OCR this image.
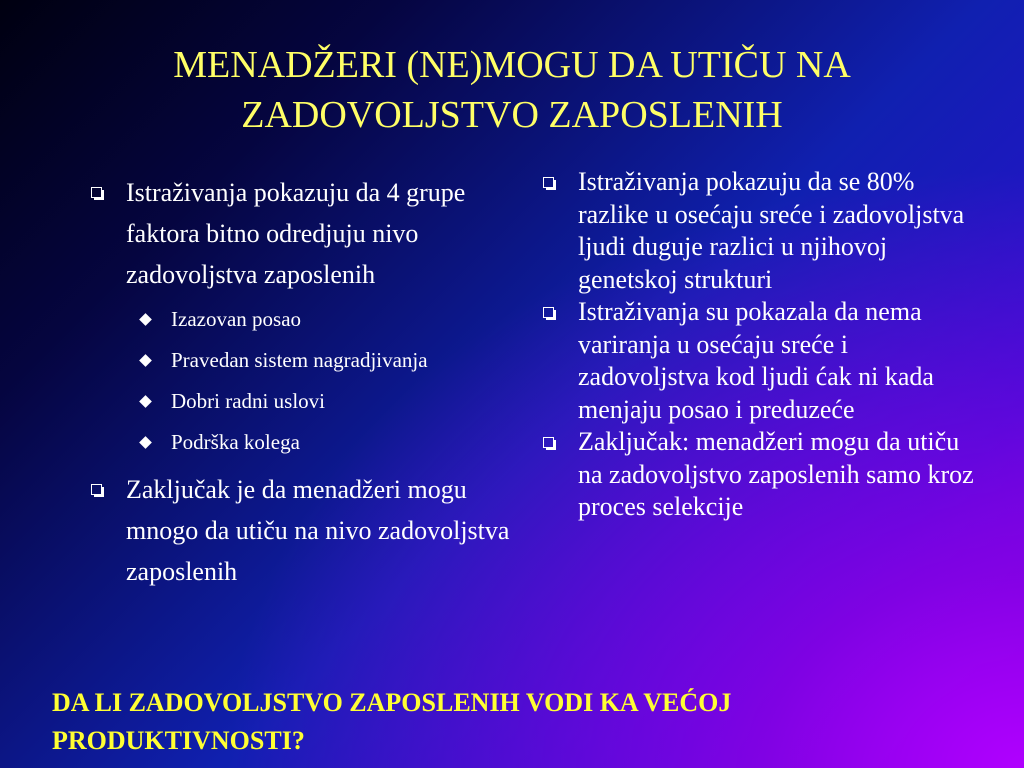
MENADŽERI (NE)MOGU DA UTIČU NA
ZADOVOLJSTVO ZAPOSLENIH
Istraživanja pokazuju da 4 grupe faktora bitno odredjuju nivo zadovoljstva zaposlenih
Izazovan posao
Pravedan sistem nagradjivanja
Dobri radni uslovi
Podrška kolega
Zaključak je da menadžeri mogu mnogo da utiču na nivo zadovoljstva zaposlenih
Istraživanja pokazuju da se 80% razlike u osećaju sreće i zadovoljstva ljudi duguje razlici u njihovoj genetskoj strukturi
Istraživanja su pokazala da nema variranja u osećaju sreće i zadovoljstva kod ljudi ćak ni kada menjaju posao i preduzeće
Zaključak: menadžeri mogu da utiču na zadovoljstvo zaposlenih samo kroz proces selekcije

DA LI ZADOVOLJSTVO ZAPOSLENIH VODI KA VEĆOJ
PRODUKTIVNOSTI?
